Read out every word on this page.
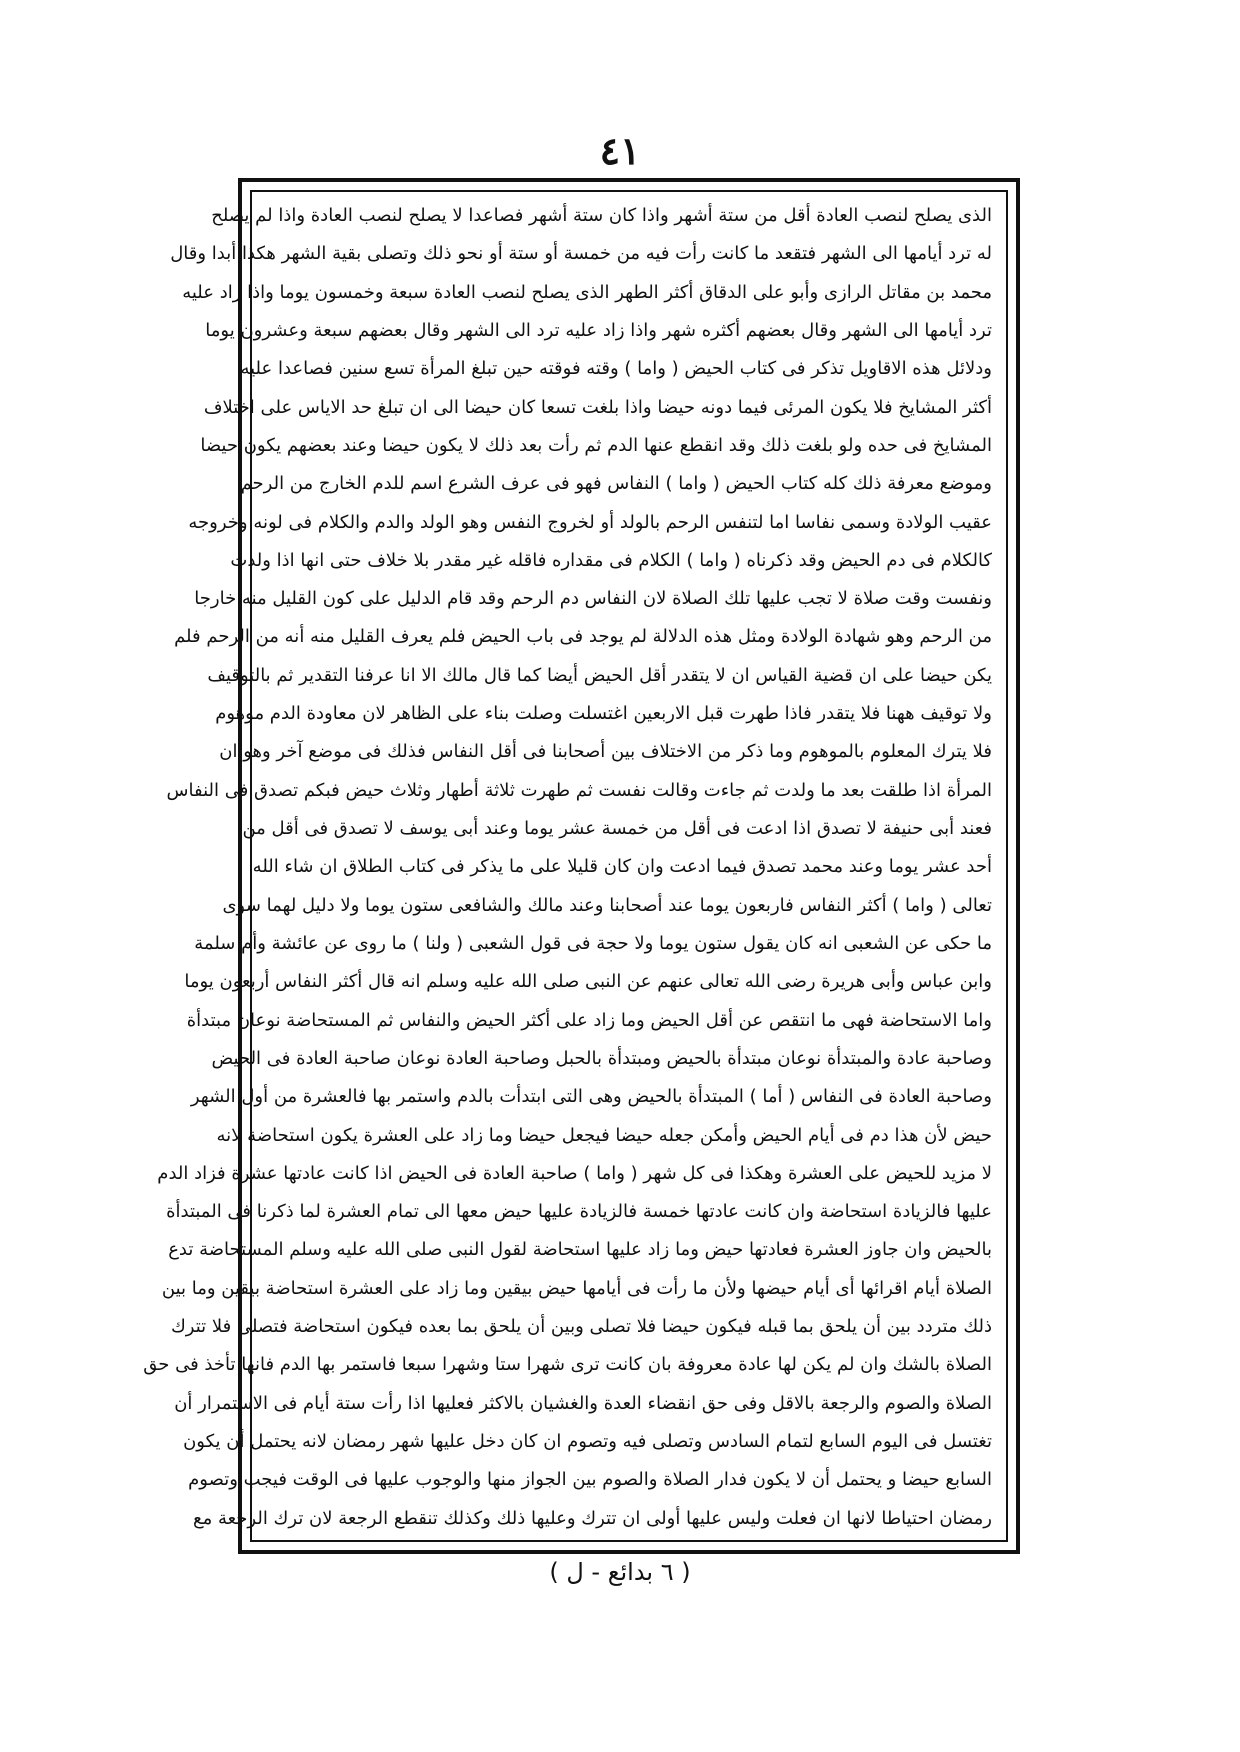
٤١
الذى يصلح لنصب العادة أقل من ستة أشهر واذا كان ستة أشهر فصاعدا لا يصلح لنصب العادة واذا لم يصلح
له ترد أيامها الى الشهر فتقعد ما كانت رأت فيه من خمسة أو ستة أو نحو ذلك وتصلى بقية الشهر هكذا أبدا وقال
محمد بن مقاتل الرازى وأبو على الدقاق أكثر الطهر الذى يصلح لنصب العادة سبعة وخمسون يوما واذا زاد عليه
ترد أيامها الى الشهر وقال بعضهم أكثره شهر واذا زاد عليه ترد الى الشهر وقال بعضهم سبعة وعشرون يوما
ودلائل هذه الاقاويل تذكر فى كتاب الحيض ( واما ) وقته فوقته حين تبلغ المرأة تسع سنين فصاعدا عليه
أكثر المشايخ فلا يكون المرئى فيما دونه حيضا واذا بلغت تسعا كان حيضا الى ان تبلغ حد الاياس على اختلاف
المشايخ فى حده ولو بلغت ذلك وقد انقطع عنها الدم ثم رأت بعد ذلك لا يكون حيضا وعند بعضهم يكون حيضا
وموضع معرفة ذلك كله كتاب الحيض ( واما ) النفاس فهو فى عرف الشرع اسم للدم الخارج من الرحم
عقيب الولادة وسمى نفاسا اما لتنفس الرحم بالولد أو لخروج النفس وهو الولد والدم والكلام فى لونه وخروجه
كالكلام فى دم الحيض وقد ذكرناه ( واما ) الكلام فى مقداره فاقله غير مقدر بلا خلاف حتى انها اذا ولدت
ونفست وقت صلاة لا تجب عليها تلك الصلاة لان النفاس دم الرحم وقد قام الدليل على كون القليل منه خارجا
من الرحم وهو شهادة الولادة ومثل هذه الدلالة لم يوجد فى باب الحيض فلم يعرف القليل منه أنه من الرحم فلم
يكن حيضا على ان قضية القياس ان لا يتقدر أقل الحيض أيضا كما قال مالك الا انا عرفنا التقدير ثم بالتوقيف
ولا توقيف ههنا فلا يتقدر فاذا طهرت قبل الاربعين اغتسلت وصلت بناء على الظاهر لان معاودة الدم موهوم
فلا يترك المعلوم بالموهوم وما ذكر من الاختلاف بين أصحابنا فى أقل النفاس فذلك فى موضع آخر وهو ان
المرأة اذا طلقت بعد ما ولدت ثم جاءت وقالت نفست ثم طهرت ثلاثة أطهار وثلاث حيض فبكم تصدق فى النفاس
فعند أبى حنيفة لا تصدق اذا ادعت فى أقل من خمسة عشر يوما وعند أبى يوسف لا تصدق فى أقل من
أحد عشر يوما وعند محمد تصدق فيما ادعت وان كان قليلا على ما يذكر فى كتاب الطلاق ان شاء الله
تعالى ( واما ) أكثر النفاس فاربعون يوما عند أصحابنا وعند مالك والشافعى ستون يوما ولا دليل لهما سوى
ما حكى عن الشعبى انه كان يقول ستون يوما ولا حجة فى قول الشعبى ( ولنا ) ما روى عن عائشة وأم سلمة
وابن عباس وأبى هريرة رضى الله تعالى عنهم عن النبى صلى الله عليه وسلم انه قال أكثر النفاس أربعون يوما
واما الاستحاضة فهى ما انتقص عن أقل الحيض وما زاد على أكثر الحيض والنفاس ثم المستحاضة نوعان مبتدأة
وصاحبة عادة والمبتدأة نوعان مبتدأة بالحيض ومبتدأة بالحبل وصاحبة العادة نوعان صاحبة العادة فى الحيض
وصاحبة العادة فى النفاس ( أما ) المبتدأة بالحيض وهى التى ابتدأت بالدم واستمر بها فالعشرة من أول الشهر
حيض لأن هذا دم فى أيام الحيض وأمكن جعله حيضا فيجعل حيضا وما زاد على العشرة يكون استحاضة لانه
لا مزيد للحيض على العشرة وهكذا فى كل شهر ( واما ) صاحبة العادة فى الحيض اذا كانت عادتها عشرة فزاد الدم
عليها فالزيادة استحاضة وان كانت عادتها خمسة فالزيادة عليها حيض معها الى تمام العشرة لما ذكرنا فى المبتدأة
بالحيض وان جاوز العشرة فعادتها حيض وما زاد عليها استحاضة لقول النبى صلى الله عليه وسلم المستحاضة تدع
الصلاة أيام اقرائها أى أيام حيضها ولأن ما رأت فى أيامها حيض بيقين وما زاد على العشرة استحاضة بيقين وما بين
ذلك متردد بين أن يلحق بما قبله فيكون حيضا فلا تصلى وبين أن يلحق بما بعده فيكون استحاضة فتصلى فلا تترك
الصلاة بالشك وان لم يكن لها عادة معروفة بان كانت ترى شهرا ستا وشهرا سبعا فاستمر بها الدم فانها تأخذ فى حق
الصلاة والصوم والرجعة بالاقل وفى حق انقضاء العدة والغشيان بالاكثر فعليها اذا رأت ستة أيام فى الاستمرار أن
تغتسل فى اليوم السابع لتمام السادس وتصلى فيه وتصوم ان كان دخل عليها شهر رمضان لانه يحتمل أن يكون
السابع حيضا و يحتمل أن لا يكون فدار الصلاة والصوم بين الجواز منها والوجوب عليها فى الوقت فيجب وتصوم
رمضان احتياطا لانها ان فعلت وليس عليها أولى ان تترك وعليها ذلك وكذلك تنقطع الرجعة لان ترك الرجعة مع
( ٦ بدائع - ل )
